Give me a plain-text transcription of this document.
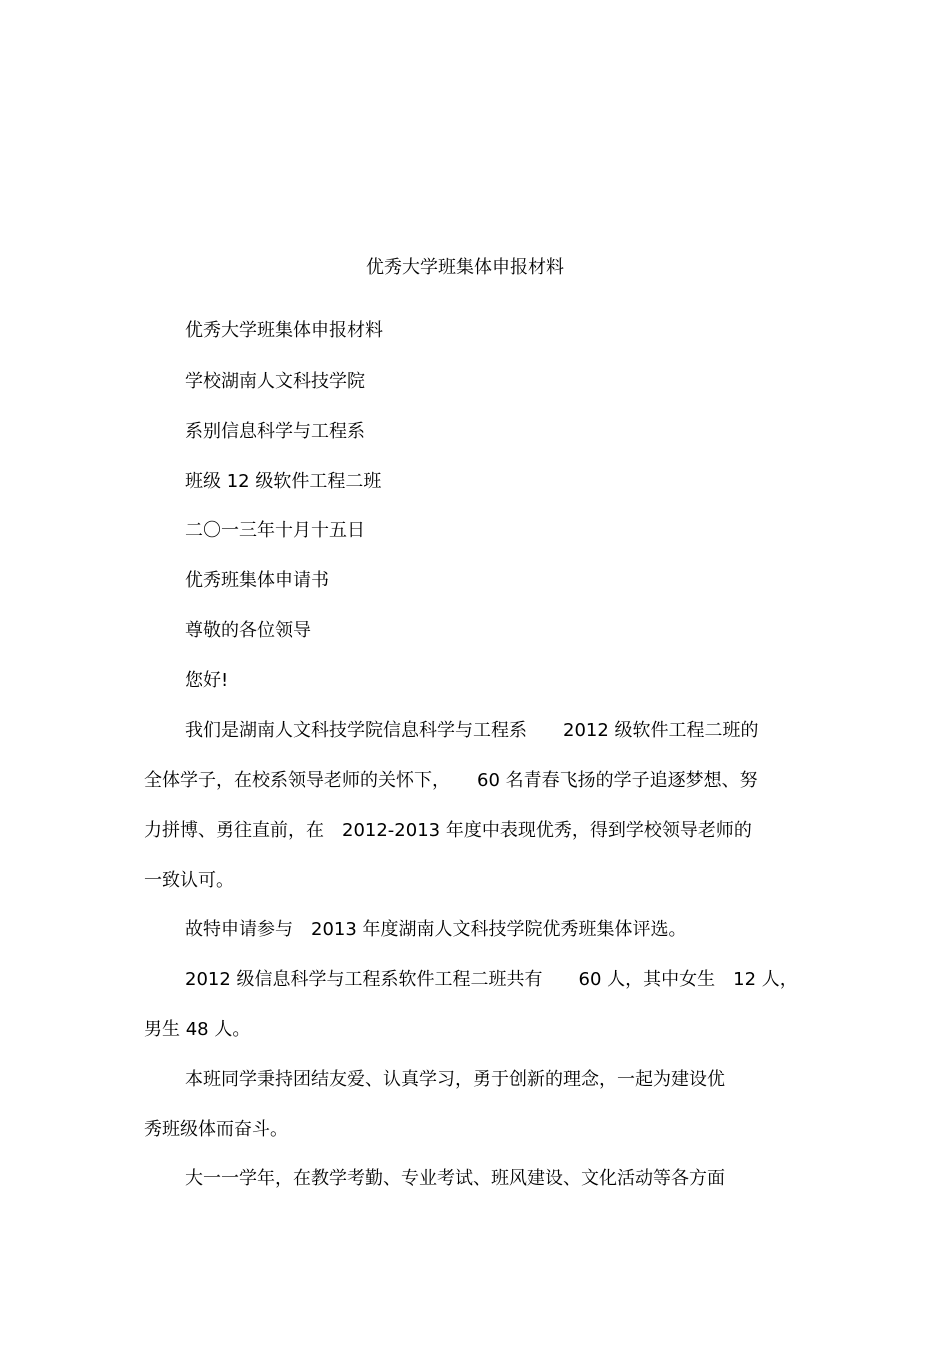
优秀大学班集体申报材料
优秀大学班集体申报材料
学校湖南人文科技学院
系别信息科学与工程系
班级 12 级软件工程二班
二〇一三年十月十五日
优秀班集体申请书
尊敬的各位领导
您好!
我们是湖南人文科技学院信息科学与工程系　　2012 级软件工程二班的
全体学子，在校系领导老师的关怀下，　　60 名青春飞扬的学子追逐梦想、努
力拼博、勇往直前，在　2012-2013 年度中表现优秀，得到学校领导老师的
一致认可。
故特申请参与　2013 年度湖南人文科技学院优秀班集体评选。
2012 级信息科学与工程系软件工程二班共有　　60 人，其中女生　12 人，
男生 48 人。
本班同学秉持团结友爱、认真学习，勇于创新的理念，一起为建设优
秀班级体而奋斗。
大一一学年，在教学考勤、专业考试、班风建设、文化活动等各方面
